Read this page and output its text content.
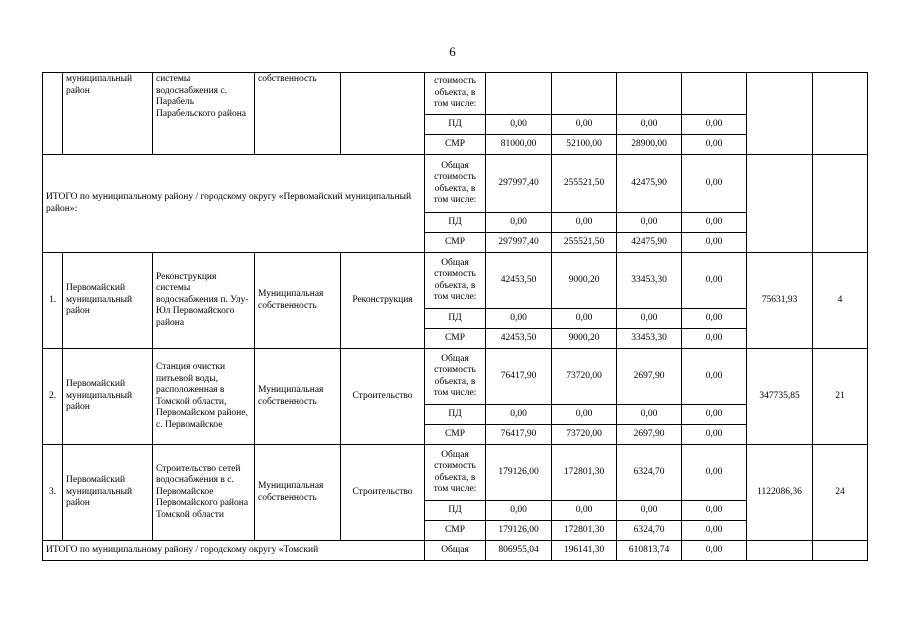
6
	муниципальный район	системы водоснабжения с. Парабель Парабельского района	собственность		стоимость объекта, в том числе:						
					ПД	0,00	0,00	0,00	0,00		
					СМР	81000,00	52100,00	28900,00	0,00		
ИТОГО по муниципальному району / городскому округу «Первомайский муниципальный район»:					Общая стоимость объекта, в том числе:	297997,40	255521,50	42475,90	0,00		
					ПД	0,00	0,00	0,00	0,00		
					СМР	297997,40	255521,50	42475,90	0,00		
1.	Первомайский муниципальный район	Реконструкция системы водоснабжения п. Улу-Юл Первомайского района	Муниципальная собственность	Реконструкция	Общая стоимость объекта, в том числе:	42453,50	9000,20	33453,30	0,00	75631,93	4
					ПД	0,00	0,00	0,00	0,00		
					СМР	42453,50	9000,20	33453,30	0,00		
2.	Первомайский муниципальный район	Станция очистки питьевой воды, расположенная в Томской области, Первомайском районе, с. Первомайское	Муниципальная собственность	Строительство	Общая стоимость объекта, в том числе:	76417,90	73720,00	2697,90	0,00	347735,85	21
					ПД	0,00	0,00	0,00	0,00		
					СМР	76417,90	73720,00	2697,90	0,00		
3.	Первомайский муниципальный район	Строительство сетей водоснабжения в с. Первомайское Первомайского района Томской области	Муниципальная собственность	Строительство	Общая стоимость объекта, в том числе:	179126,00	172801,30	6324,70	0,00	1122086,36	24
					ПД	0,00	0,00	0,00	0,00		
					СМР	179126,00	172801,30	6324,70	0,00		
ИТОГО по муниципальному району / городскому округу «Томский					Общая	806955,04	196141,30	610813,74	0,00		
